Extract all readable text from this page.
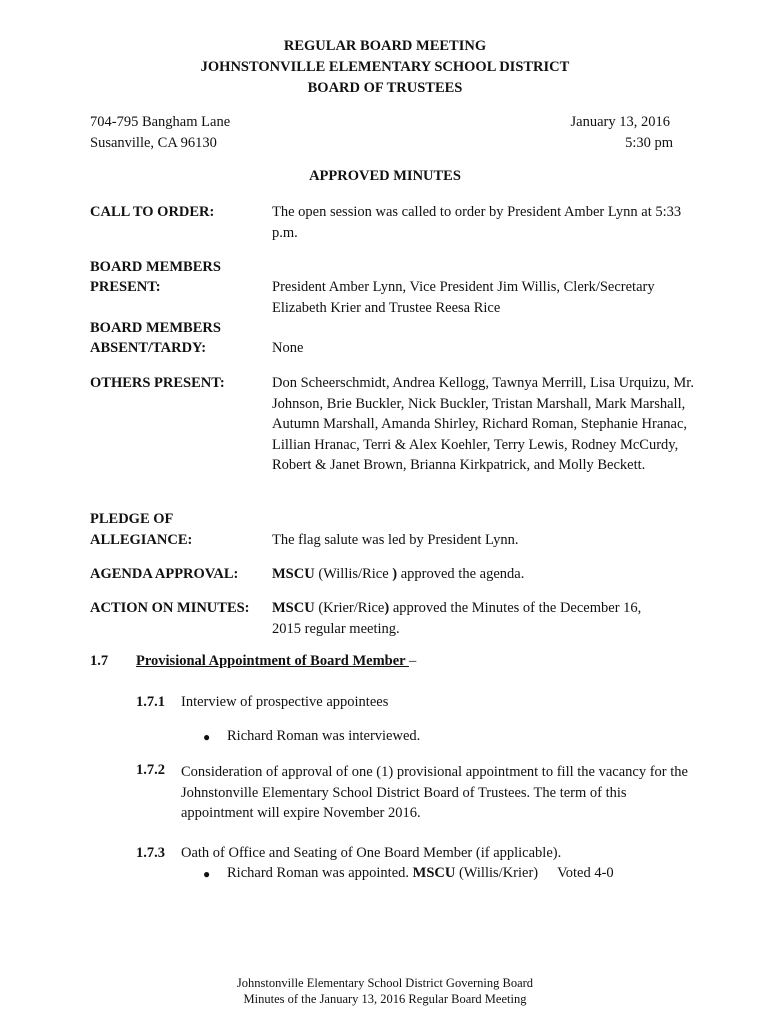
REGULAR BOARD MEETING
JOHNSTONVILLE ELEMENTARY SCHOOL DISTRICT
BOARD OF TRUSTEES
704-795 Bangham Lane
Susanville, CA 96130
January 13, 2016
5:30 pm
APPROVED MINUTES
CALL TO ORDER:	The open session was called to order by President Amber Lynn at 5:33 p.m.
BOARD MEMBERS
PRESENT:	President Amber Lynn, Vice President Jim Willis, Clerk/Secretary Elizabeth Krier and Trustee Reesa Rice
BOARD MEMBERS
ABSENT/TARDY:	None
OTHERS PRESENT:	Don Scheerschmidt, Andrea Kellogg, Tawnya Merrill, Lisa Urquizu, Mr. Johnson, Brie Buckler, Nick Buckler, Tristan Marshall, Mark Marshall, Autumn Marshall, Amanda Shirley, Richard Roman, Stephanie Hranac, Lillian Hranac, Terri & Alex Koehler, Terry Lewis, Rodney McCurdy, Robert & Janet Brown, Brianna Kirkpatrick, and Molly Beckett.
PLEDGE OF
ALLEGIANCE:	The flag salute was led by President Lynn.
AGENDA APPROVAL: MSCU (Willis/Rice ) approved the agenda.
ACTION ON MINUTES: MSCU (Krier/Rice) approved the Minutes of the December 16, 2015 regular meeting.
1.7 Provisional Appointment of Board Member –
1.7.1 Interview of prospective appointees
● Richard Roman was interviewed.
1.7.2 Consideration of approval of one (1) provisional appointment to fill the vacancy for the Johnstonville Elementary School District Board of Trustees. The term of this appointment will expire November 2016.
1.7.3 Oath of Office and Seating of One Board Member (if applicable).
● Richard Roman was appointed. MSCU (Willis/Krier) Voted 4-0
Johnstonville Elementary School District Governing Board
Minutes of the January 13, 2016 Regular Board Meeting
